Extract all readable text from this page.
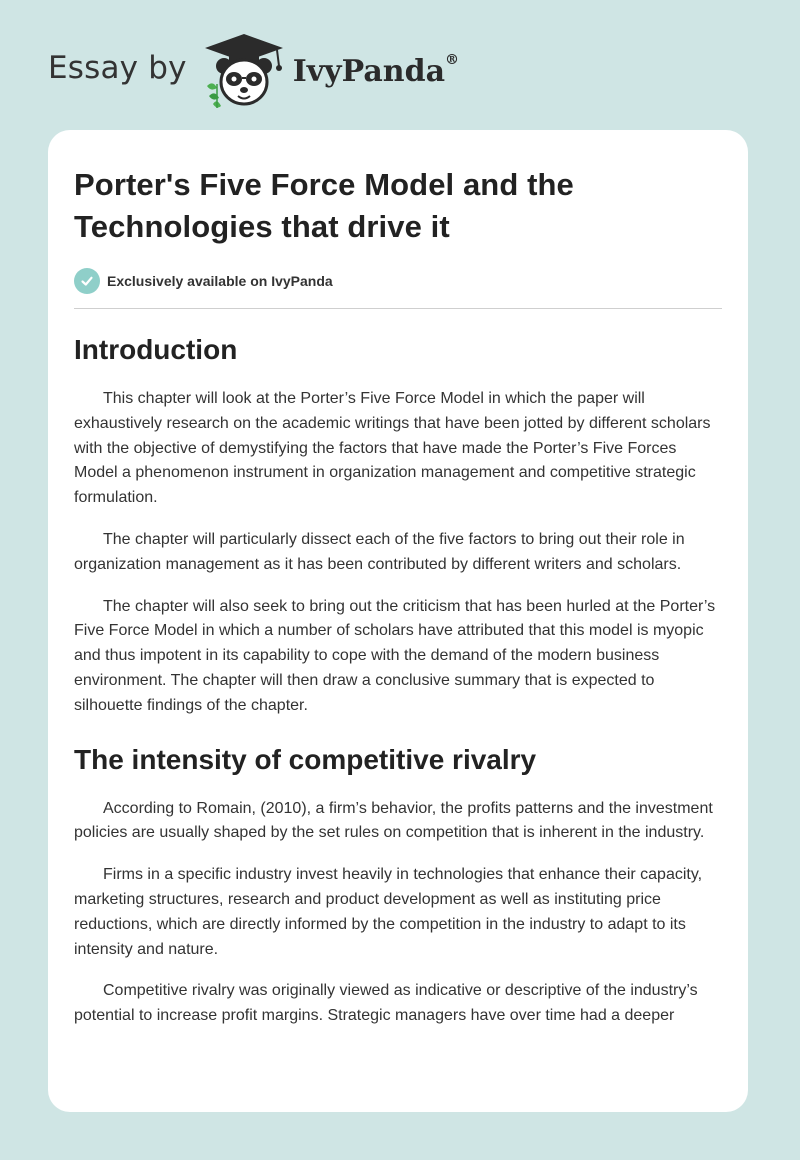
Essay by	IvyPanda®
Porter's Five Force Model and the Technologies that drive it
Exclusively available on IvyPanda
Introduction

This chapter will look at the Porter’s Five Force Model in which the paper will exhaustively research on the academic writings that have been jotted by different scholars with the objective of demystifying the factors that have made the Porter’s Five Forces Model a phenomenon instrument in organization management and competitive strategic formulation.

The chapter will particularly dissect each of the five factors to bring out their role in organization management as it has been contributed by different writers and scholars.

The chapter will also seek to bring out the criticism that has been hurled at the Porter’s Five Force Model in which a number of scholars have attributed that this model is myopic and thus impotent in its capability to cope with the demand of the modern business environment. The chapter will then draw a conclusive summary that is expected to silhouette findings of the chapter.

The intensity of competitive rivalry

According to Romain, (2010), a firm’s behavior, the profits patterns and the investment policies are usually shaped by the set rules on competition that is inherent in the industry.

Firms in a specific industry invest heavily in technologies that enhance their capacity, marketing structures, research and product development as well as instituting price reductions, which are directly informed by the competition in the industry to adapt to its intensity and nature.

Competitive rivalry was originally viewed as indicative or descriptive of the industry’s potential to increase profit margins. Strategic managers have over time had a deeper
